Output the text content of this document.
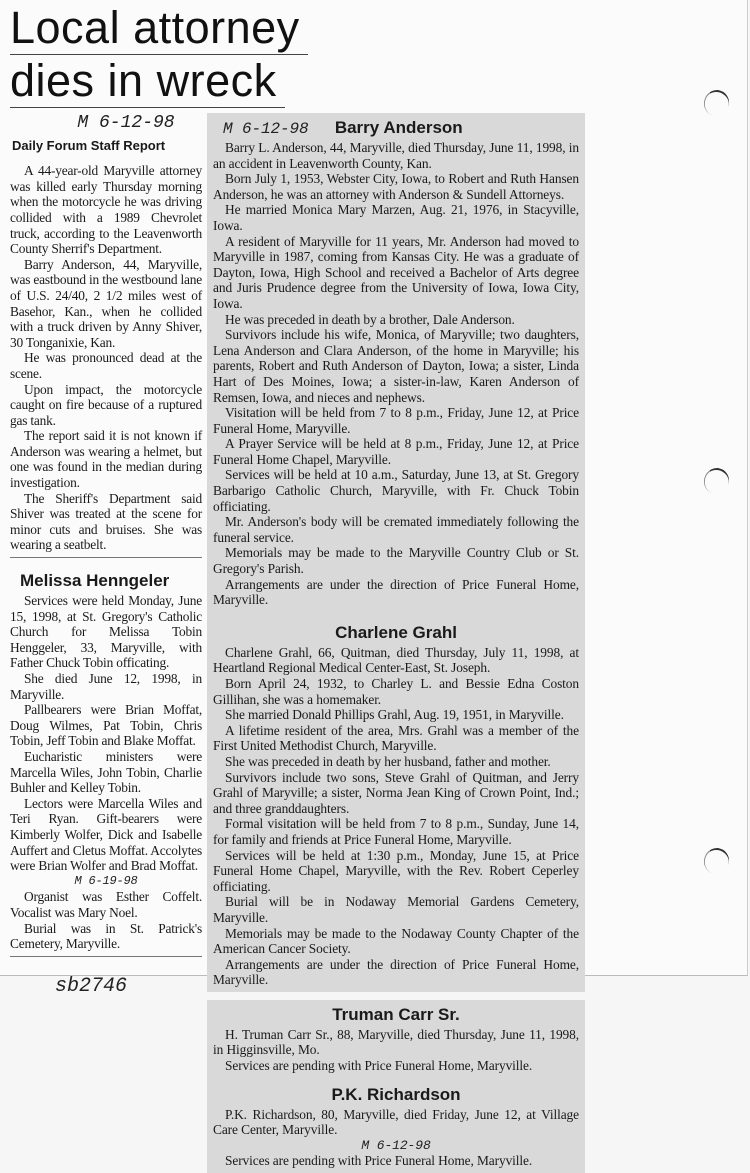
Local attorney
dies in wreck
M 6-12-98
Daily Forum Staff Report

A 44-year-old Maryville attorney was killed early Thursday morning when the motorcycle he was driving collided with a 1989 Chevrolet truck, according to the Leavenworth County Sherrif's Department.

Barry Anderson, 44, Maryville, was eastbound in the westbound lane of U.S. 24/40, 2 1/2 miles west of Basehor, Kan., when he collided with a truck driven by Anny Shiver, 30 Tonganixie, Kan.

He was pronounced dead at the scene.

Upon impact, the motorcycle caught on fire because of a ruptured gas tank.

The report said it is not known if Anderson was wearing a helmet, but one was found in the median during investigation.

The Sheriff's Department said Shiver was treated at the scene for minor cuts and bruises. She was wearing a seatbelt.

Melissa Henngeler

Services were held Monday, June 15, 1998, at St. Gregory's Catholic Church for Melissa Tobin Henggeler, 33, Maryville, with Father Chuck Tobin officating.

She died June 12, 1998, in Maryville.

Pallbearers were Brian Moffat, Doug Wilmes, Pat Tobin, Chris Tobin, Jeff Tobin and Blake Moffat.

Eucharistic ministers were Marcella Wiles, John Tobin, Charlie Buhler and Kelley Tobin.

Lectors were Marcella Wiles and Teri Ryan. Gift-bearers were Kimberly Wolfer, Dick and Isabelle Auffert and Cletus Moffat. Accolytes were Brian Wolfer and Brad Moffat.

M 6-19-98

Organist was Esther Coffelt. Vocalist was Mary Noel.

Burial was in St. Patrick's Cemetery, Maryville.

sb2746
M 6-12-98	Barry Anderson

Barry L. Anderson, 44, Maryville, died Thursday, June 11, 1998, in an accident in Leavenworth County, Kan.

Born July 1, 1953, Webster City, Iowa, to Robert and Ruth Hansen Anderson, he was an attorney with Anderson & Sundell Attorneys.

He married Monica Mary Marzen, Aug. 21, 1976, in Stacyville, Iowa.

A resident of Maryville for 11 years, Mr. Anderson had moved to Maryville in 1987, coming from Kansas City. He was a graduate of Dayton, Iowa, High School and received a Bachelor of Arts degree and Juris Prudence degree from the University of Iowa, Iowa City, Iowa.

He was preceded in death by a brother, Dale Anderson.

Survivors include his wife, Monica, of Maryville; two daughters, Lena Anderson and Clara Anderson, of the home in Maryville; his parents, Robert and Ruth Anderson of Dayton, Iowa; a sister, Linda Hart of Des Moines, Iowa; a sister-in-law, Karen Anderson of Remsen, Iowa, and nieces and nephews.

Visitation will be held from 7 to 8 p.m., Friday, June 12, at Price Funeral Home, Maryville.

A Prayer Service will be held at 8 p.m., Friday, June 12, at Price Funeral Home Chapel, Maryville.

Services will be held at 10 a.m., Saturday, June 13, at St. Gregory Barbarigo Catholic Church, Maryville, with Fr. Chuck Tobin officiating.

Mr. Anderson's body will be cremated immediately following the funeral service.

Memorials may be made to the Maryville Country Club or St. Gregory's Parish.

Arrangements are under the direction of Price Funeral Home, Maryville.

Charlene Grahl

Charlene Grahl, 66, Quitman, died Thursday, July 11, 1998, at Heartland Regional Medical Center-East, St. Joseph.

Born April 24, 1932, to Charley L. and Bessie Edna Coston Gillihan, she was a homemaker.

She married Donald Phillips Grahl, Aug. 19, 1951, in Maryville.

A lifetime resident of the area, Mrs. Grahl was a member of the First United Methodist Church, Maryville.

She was preceded in death by her husband, father and mother.

Survivors include two sons, Steve Grahl of Quitman, and Jerry Grahl of Maryville; a sister, Norma Jean King of Crown Point, Ind.; and three granddaughters.

Formal visitation will be held from 7 to 8 p.m., Sunday, June 14, for family and friends at Price Funeral Home, Maryville.

Services will be held at 1:30 p.m., Monday, June 15, at Price Funeral Home Chapel, Maryville, with the Rev. Robert Ceperley officiating.

Burial will be in Nodaway Memorial Gardens Cemetery, Maryville.

Memorials may be made to the Nodaway County Chapter of the American Cancer Society.

Arrangements are under the direction of Price Funeral Home, Maryville.

Truman Carr Sr.

H. Truman Carr Sr., 88, Maryville, died Thursday, June 11, 1998, in Higginsville, Mo.

Services are pending with Price Funeral Home, Maryville.

P.K. Richardson

P.K. Richardson, 80, Maryville, died Friday, June 12, at Village Care Center, Maryville.

M 6-12-98

Services are pending with Price Funeral Home, Maryville.
